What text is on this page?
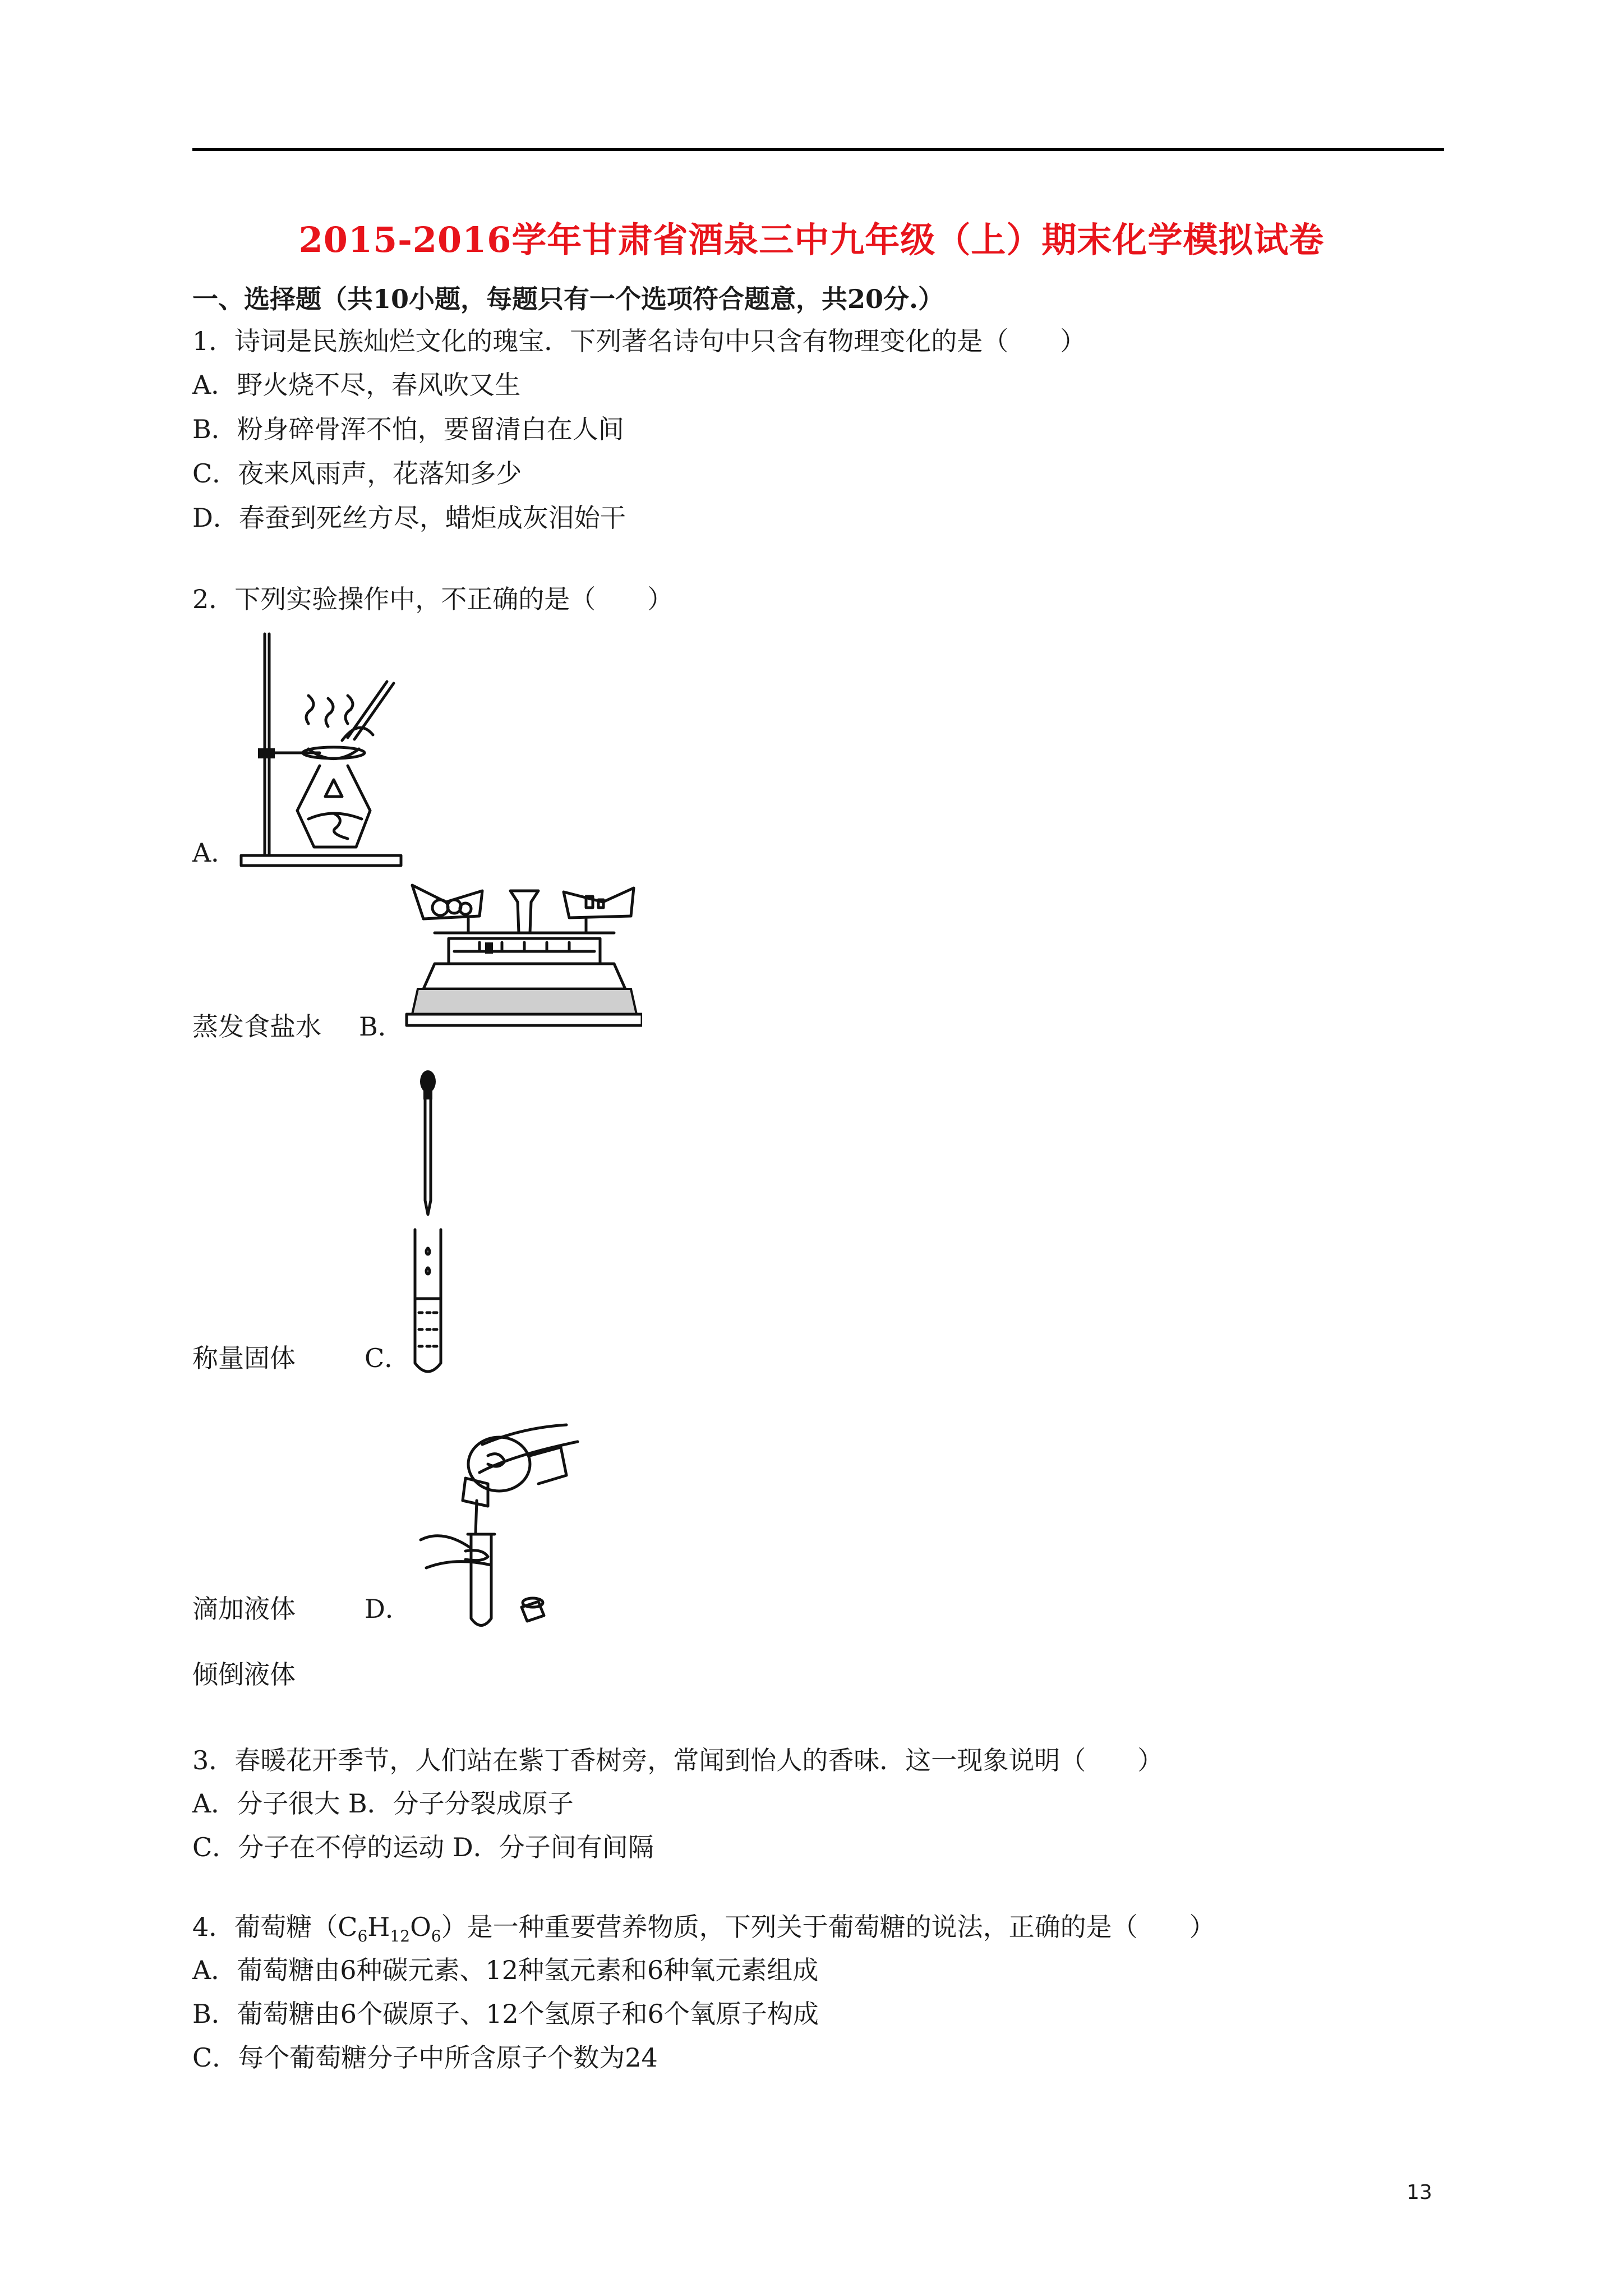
2015-2016学年甘肃省酒泉三中九年级（上）期末化学模拟试卷
一、选择题（共10小题，每题只有一个选项符合题意，共20分.）
1．诗词是民族灿烂文化的瑰宝．下列著名诗句中只含有物理变化的是（　　）
A．野火烧不尽，春风吹又生
B．粉身碎骨浑不怕，要留清白在人间
C．夜来风雨声，花落知多少
D．春蚕到死丝方尽，蜡炬成灰泪始干
2．下列实验操作中，不正确的是（　　）
A．
蒸发食盐水 B．
称量固体	C．
滴加液体	D．
倾倒液体
3．春暖花开季节，人们站在紫丁香树旁，常闻到怡人的香味．这一现象说明（　　）
A．分子很大 B．分子分裂成原子
C．分子在不停的运动 D．分子间有间隔
4．葡萄糖$(C_6H_{12}O_6)$是一种重要营养物质，下列关于葡萄糖的说法，正确的是（　　）
A．葡萄糖由6种碳元素、12种氢元素和6种氧元素组成
B．葡萄糖由6个碳原子、12个氢原子和6个氧原子构成
C．每个葡萄糖分子中所含原子个数为24
13
